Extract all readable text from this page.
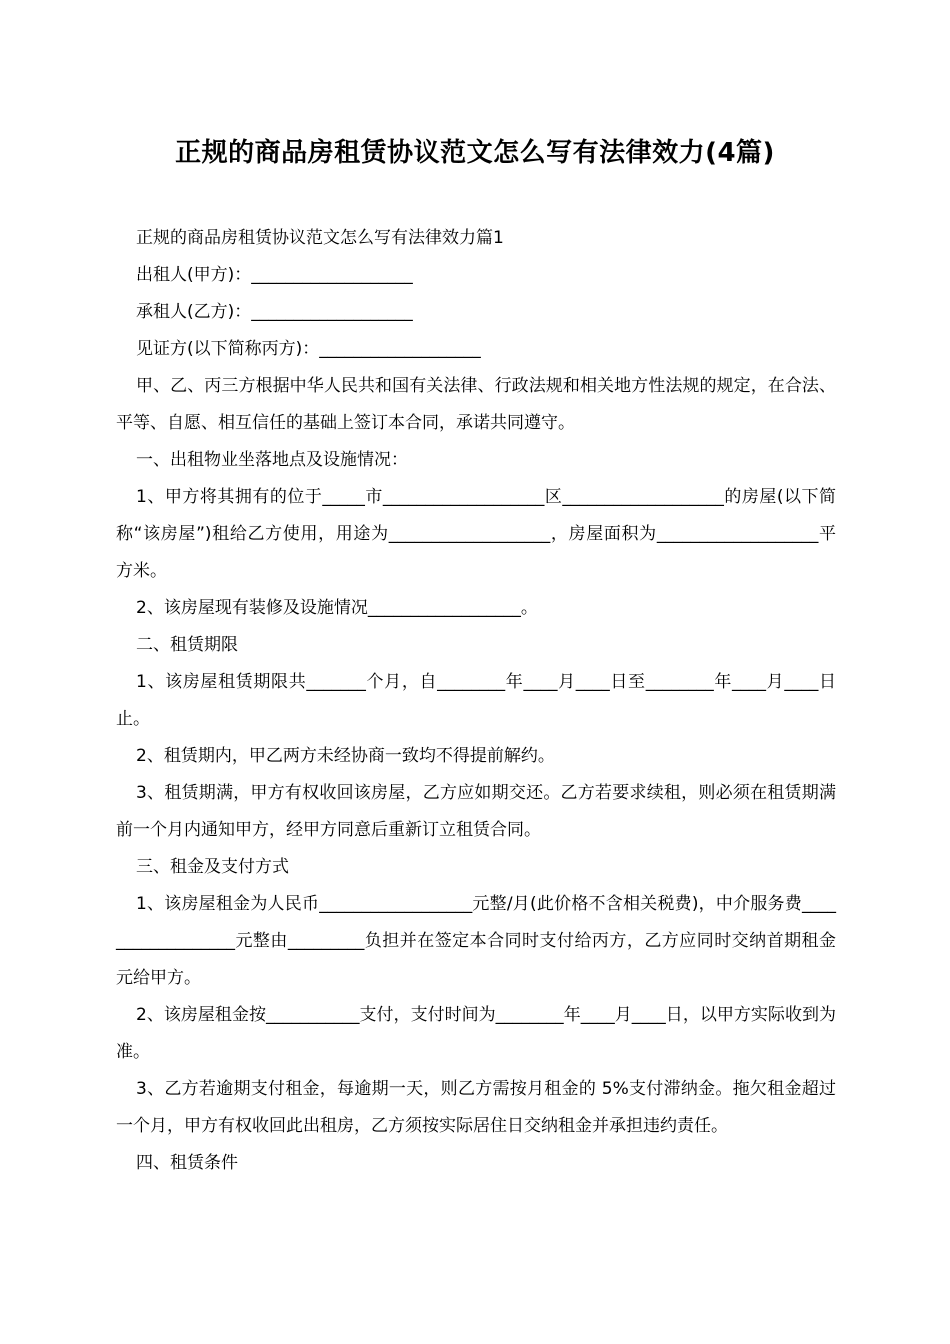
正规的商品房租赁协议范文怎么写有法律效力(4篇)
正规的商品房租赁协议范文怎么写有法律效力篇1
出租人(甲方)：___________________
承租人(乙方)：___________________
见证方(以下简称丙方)：___________________
甲、乙、丙三方根据中华人民共和国有关法律、行政法规和相关地方性法规的规定，在合法、平等、自愿、相互信任的基础上签订本合同，承诺共同遵守。
一、出租物业坐落地点及设施情况：
1、甲方将其拥有的位于_____市___________________区___________________的房屋(以下简称“该房屋”)租给乙方使用，用途为___________________，房屋面积为___________________平方米。
2、该房屋现有装修及设施情况__________________。
二、租赁期限
1、该房屋租赁期限共_______个月，自________年____月____日至________年____月____日止。
2、租赁期内，甲乙两方未经协商一致均不得提前解约。
3、租赁期满，甲方有权收回该房屋，乙方应如期交还。乙方若要求续租，则必须在租赁期满前一个月内通知甲方，经甲方同意后重新订立租赁合同。
三、租金及支付方式
1、该房屋租金为人民币__________________元整/月(此价格不含相关税费)，中介服务费__________________元整由_________负担并在签定本合同时支付给丙方，乙方应同时交纳首期租金元给甲方。
2、该房屋租金按___________支付，支付时间为________年____月____日，以甲方实际收到为准。
3、乙方若逾期支付租金，每逾期一天，则乙方需按月租金的 5%支付滞纳金。拖欠租金超过一个月，甲方有权收回此出租房，乙方须按实际居住日交纳租金并承担违约责任。
四、租赁条件
